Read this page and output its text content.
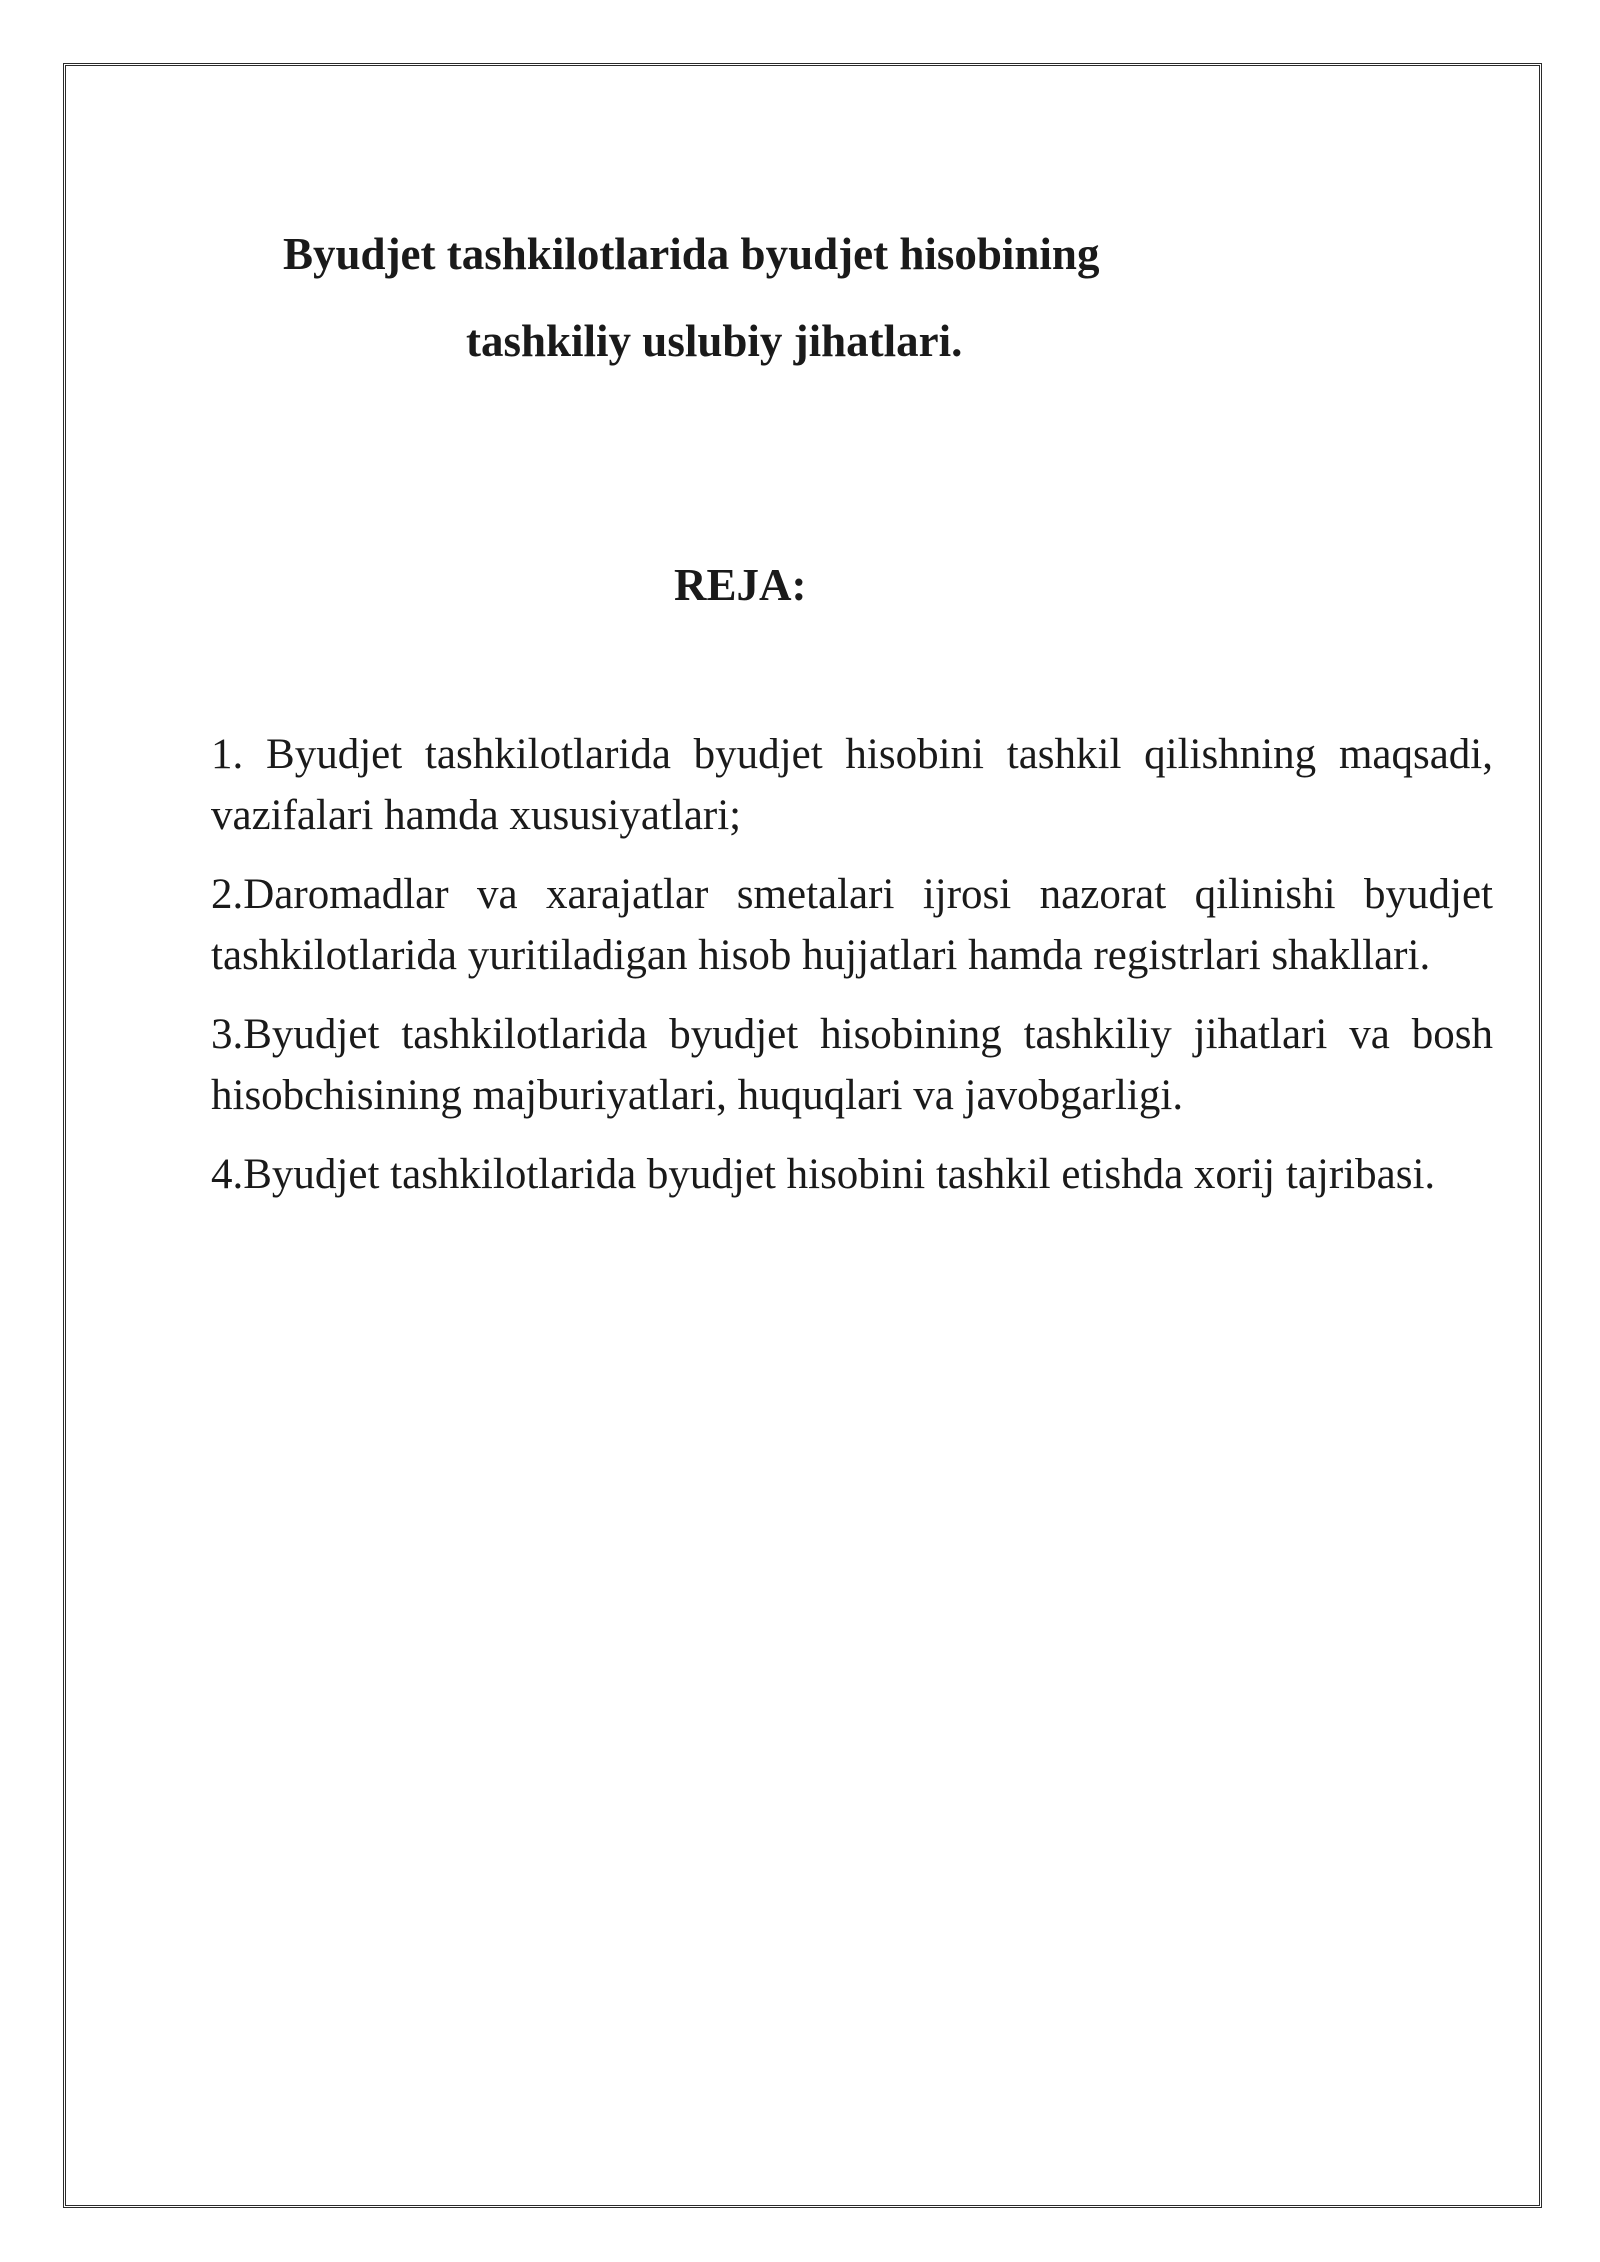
Byudjet tashkilotlarida byudjet hisobining
tashkiliy uslubiy jihatlari.
REJA:
1. Byudjet tashkilotlarida byudjet hisobini tashkil qilishning maqsadi, vazifalari hamda xususiyatlari;
2.Daromadlar va xarajatlar smetalari ijrosi nazorat qilinishi byudjet tashkilotlarida yuritiladigan hisob hujjatlari hamda registrlari shakllari.
3.Byudjet tashkilotlarida byudjet hisobining tashkiliy jihatlari va bosh hisobchisining majburiyatlari, huquqlari va javobgarligi.
4.Byudjet tashkilotlarida byudjet hisobini tashkil etishda xorij tajribasi.
